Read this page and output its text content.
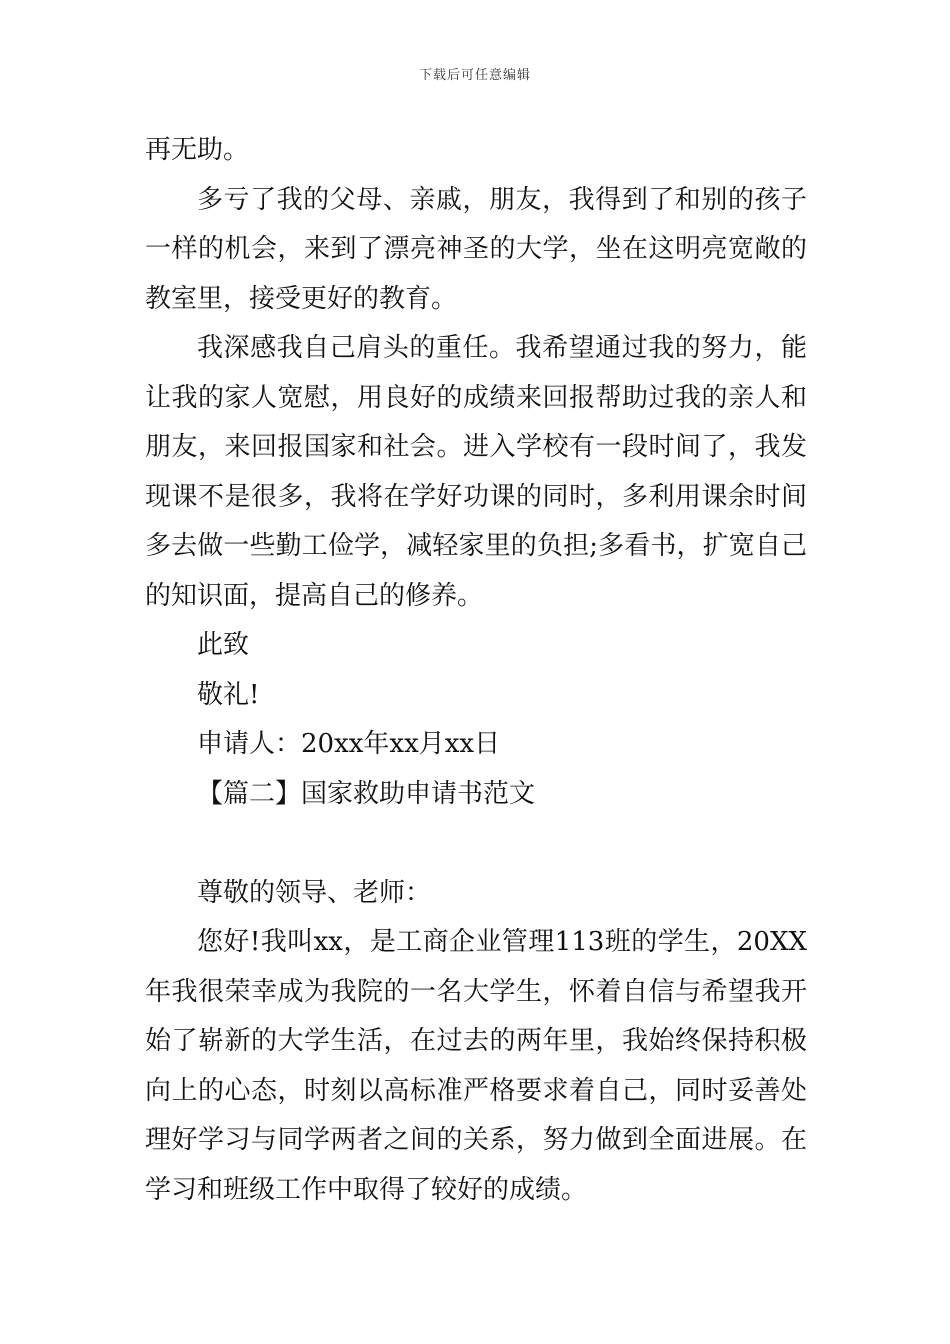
下载后可任意编辑

再无助。

多亏了我的父母、亲戚，朋友，我得到了和别的孩子一样的机会，来到了漂亮神圣的大学，坐在这明亮宽敞的教室里，接受更好的教育。

我深感我自己肩头的重任。我希望通过我的努力，能让我的家人宽慰，用良好的成绩来回报帮助过我的亲人和朋友，来回报国家和社会。进入学校有一段时间了，我发现课不是很多，我将在学好功课的同时，多利用课余时间多去做一些勤工俭学，减轻家里的负担;多看书，扩宽自己的知识面，提高自己的修养。

此致

敬礼!

申请人：20xx年xx月xx日

【篇二】国家救助申请书范文

尊敬的领导、老师：

您好!我叫xx，是工商企业管理113班的学生，20XX年我很荣幸成为我院的一名大学生，怀着自信与希望我开始了崭新的大学生活，在过去的两年里，我始终保持积极向上的心态，时刻以高标准严格要求着自己，同时妥善处理好学习与同学两者之间的关系，努力做到全面进展。在学习和班级工作中取得了较好的成绩。
